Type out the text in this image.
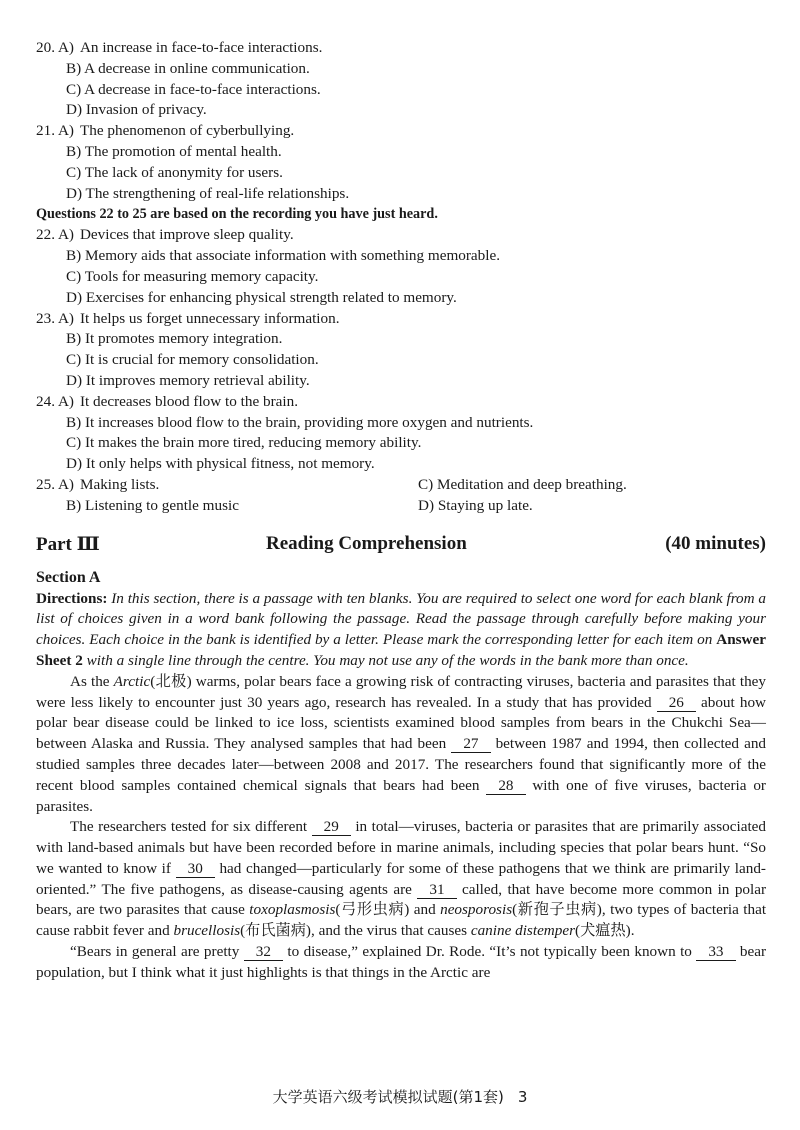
20. A) An increase in face-to-face interactions.
B) A decrease in online communication.
C) A decrease in face-to-face interactions.
D) Invasion of privacy.
21. A) The phenomenon of cyberbullying.
B) The promotion of mental health.
C) The lack of anonymity for users.
D) The strengthening of real-life relationships.
Questions 22 to 25 are based on the recording you have just heard.
22. A) Devices that improve sleep quality.
B) Memory aids that associate information with something memorable.
C) Tools for measuring memory capacity.
D) Exercises for enhancing physical strength related to memory.
23. A) It helps us forget unnecessary information.
B) It promotes memory integration.
C) It is crucial for memory consolidation.
D) It improves memory retrieval ability.
24. A) It decreases blood flow to the brain.
B) It increases blood flow to the brain, providing more oxygen and nutrients.
C) It makes the brain more tired, reducing memory ability.
D) It only helps with physical fitness, not memory.
25. A) Making lists.	C) Meditation and deep breathing.
B) Listening to gentle music	D) Staying up late.
Part Ⅲ	Reading Comprehension	(40 minutes)
Section A
Directions: In this section, there is a passage with ten blanks. You are required to select one word for each blank from a list of choices given in a word bank following the passage. Read the passage through carefully before making your choices. Each choice in the bank is identified by a letter. Please mark the corresponding letter for each item on Answer Sheet 2 with a single line through the centre. You may not use any of the words in the bank more than once.
As the Arctic(北极) warms, polar bears face a growing risk of contracting viruses, bacteria and parasites that they were less likely to encounter just 30 years ago, research has revealed. In a study that has provided 26 about how polar bear disease could be linked to ice loss, scientists examined blood samples from bears in the Chukchi Sea—between Alaska and Russia. They analysed samples that had been 27 between 1987 and 1994, then collected and studied samples three decades later—between 2008 and 2017. The researchers found that significantly more of the recent blood samples contained chemical signals that bears had been 28 with one of five viruses, bacteria or parasites.
The researchers tested for six different 29 in total—viruses, bacteria or parasites that are primarily associated with land-based animals but have been recorded before in marine animals, including species that polar bears hunt. “So we wanted to know if 30 had changed—particularly for some of these pathogens that we think are primarily land-oriented.” The five pathogens, as disease-causing agents are 31 called, that have become more common in polar bears, are two parasites that cause toxoplasmosis(弓形虫病) and neosporosis(新孢子虫病), two types of bacteria that cause rabbit fever and brucellosis(布氏菌病), and the virus that causes canine distemper(犬瘟热).
“Bears in general are pretty 32 to disease,” explained Dr. Rode. “It’s not typically been known to 33 bear population, but I think what it just highlights is that things in the Arctic are
大学英语六级考试模拟试题(第1套) 3
